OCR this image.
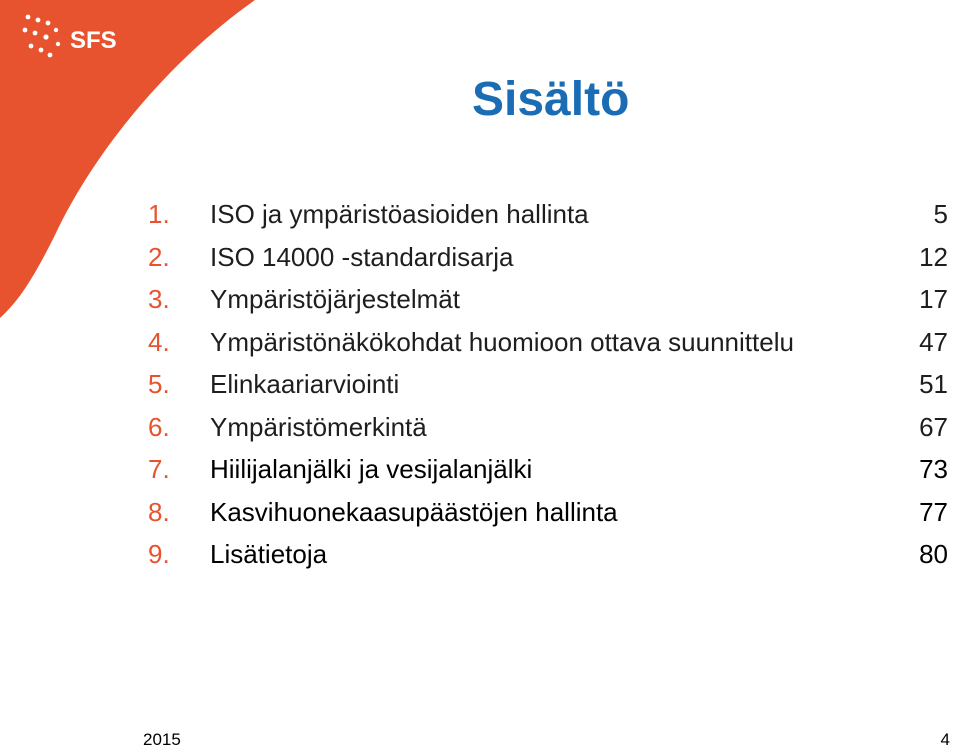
SFS
Sisältö
1.	ISO ja ympäristöasioiden hallinta	5
2.	ISO 14000 -standardisarja	12
3.	Ympäristöjärjestelmät	17
4.	Ympäristönäkökohdat huomioon ottava suunnittelu	47
5.	Elinkaariarviointi	51
6.	Ympäristömerkintä	67
7.	Hiilijalanjälki ja vesijalanjälki	73
8.	Kasvihuonekaasupäästöjen hallinta	77
9.	Lisätietoja	80
2015	4
